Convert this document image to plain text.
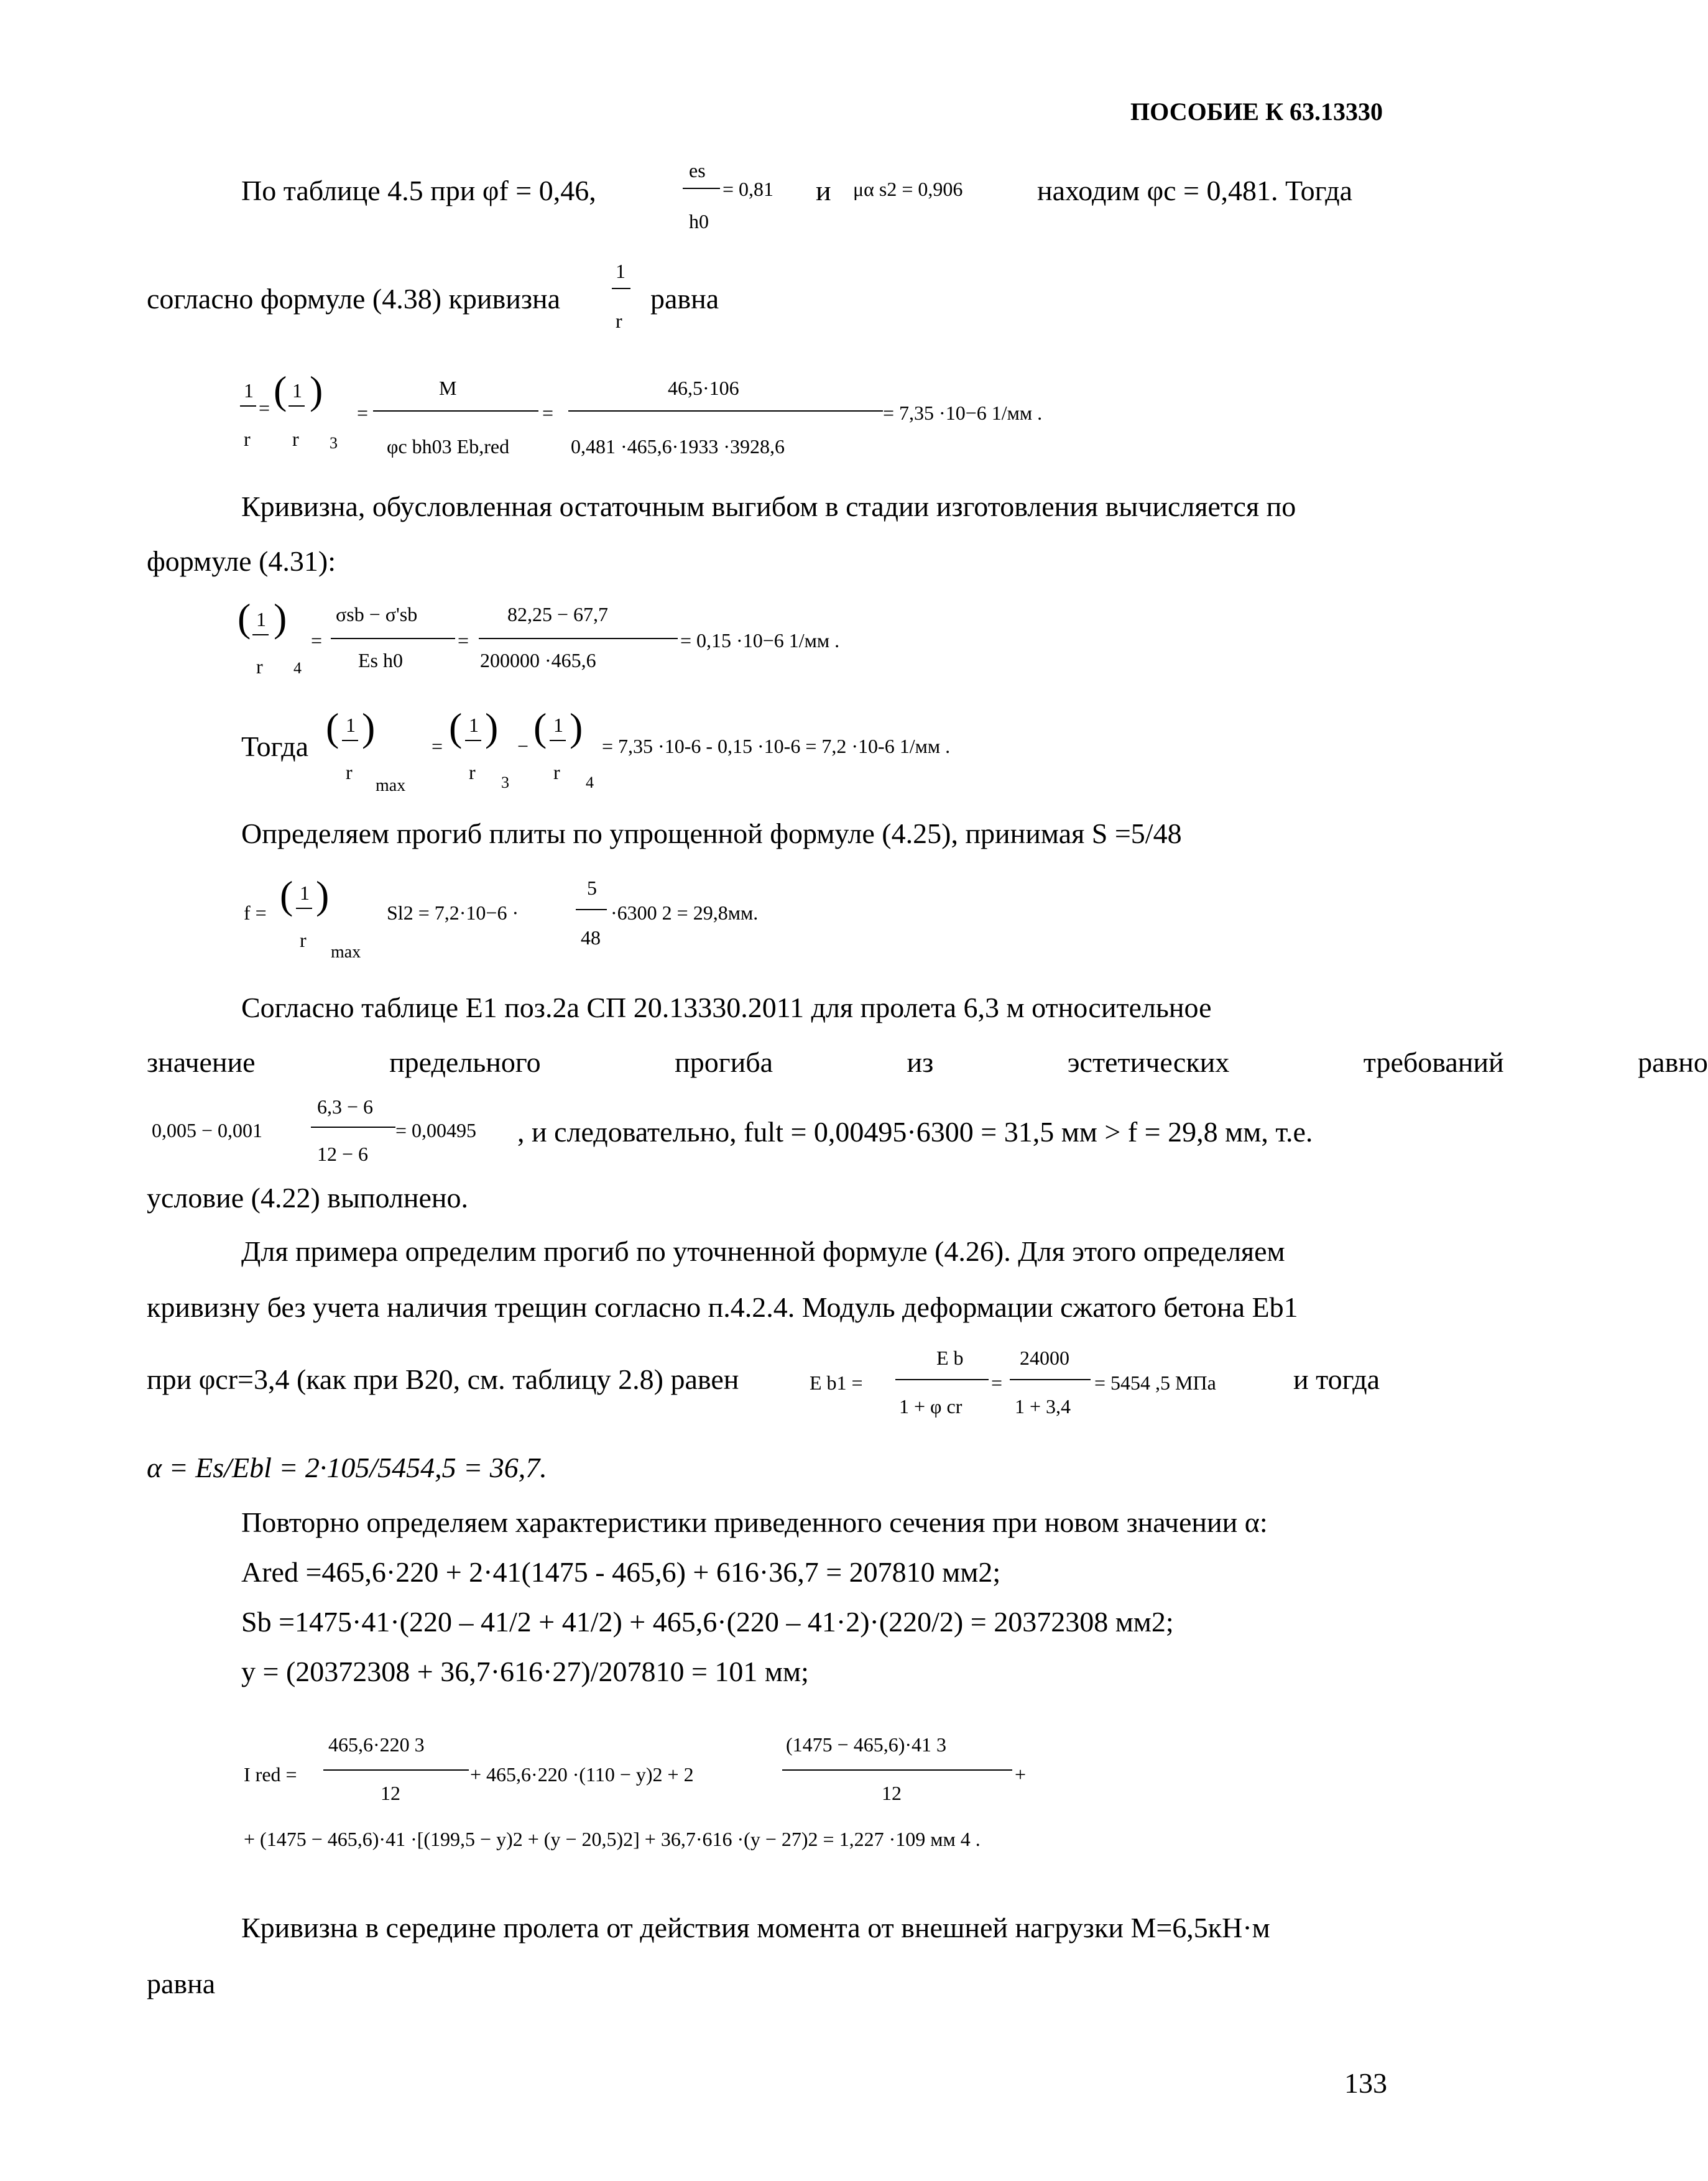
ПОСОБИЕ К 63.13330
По таблице 4.5 при φf = 0,46,
es
h0
= 0,81 и μα s2 = 0,906	находим φc = 0,481. Тогда
согласно формуле (4.38) кривизна
1
r
равна
1
r
= ( 1
r
)
3
=
M
φc bh03 Eb,red
=
46,5·106
0,481 ·465,6·1933 ·3928,6
= 7,35 ·10−6 1/мм .
Кривизна, обусловленная остаточным выгибом в стадии изготовления вычисляется по
формуле (4.31):
( 1
r
)
4
=
σsb − σ'sb
Es h0
=
82,25 − 67,7
200000 ·465,6
= 0,15 ·10−6 1/мм .
Тогда ( 1
r
)
max
= ( 1
r
)
3
− ( 1
r
)
4
= 7,35 ·10-6 - 0,15 ·10-6 = 7,2 ·10-6 1/мм .
Определяем прогиб плиты по упрощенной формуле (4.25), принимая S =5/48
f = ( 1
r
)
max
Sl2 = 7,2·10−6 ·
5
48
·6300 2 = 29,8мм.
Согласно таблице Е1 поз.2а СП 20.13330.2011 для пролета 6,3 м относительное
значение предельного прогиба из эстетических требований равно
0,005 − 0,001
6,3 − 6
12 − 6
= 0,00495 , и следовательно, fult = 0,00495·6300 = 31,5 мм > f = 29,8 мм, т.е.
условие (4.22) выполнено.
Для примера определим прогиб по уточненной формуле (4.26). Для этого определяем
кривизну без учета наличия трещин согласно п.4.2.4. Модуль деформации сжатого бетона Eb1
при φcr=3,4 (как при В20, см. таблицу 2.8) равен	E b1 =
E b
1 + φ cr
=
24000
1 + 3,4
= 5454 ,5 МПа	и тогда
α = Es/Ebl = 2·105/5454,5 = 36,7.
Повторно определяем характеристики приведенного сечения при новом значении α:
Ared =465,6·220 + 2·41(1475 - 465,6) + 616·36,7 = 207810 мм2;
Sb =1475·41·(220 – 41/2 + 41/2) + 465,6·(220 – 41·2)·(220/2) = 20372308 мм2;
y = (20372308 + 36,7·616·27)/207810 = 101 мм;
I red =
465,6·220 3
12
+ 465,6·220 ·(110 − y)2 + 2
(1475 − 465,6)·41 3
12
+
+ (1475 − 465,6)·41 ·[(199,5 − y)2 + (y − 20,5)2] + 36,7·616 ·(y − 27)2 = 1,227 ·109 мм 4 .
Кривизна в середине пролета от действия момента от внешней нагрузки M=6,5кН·м
равна
133
